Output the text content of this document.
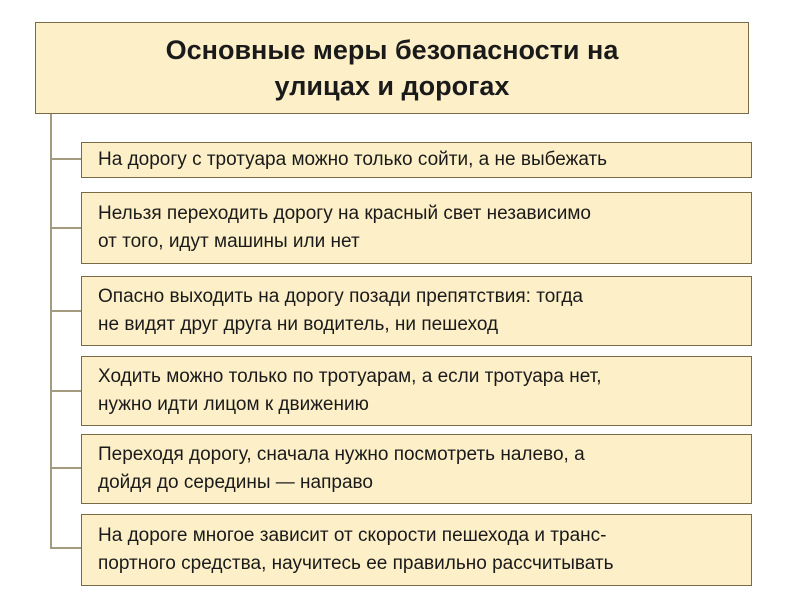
Основные меры безопасности на
улицах и дорогах
На дорогу с тротуара можно только сойти, а не выбежать
Нельзя переходить дорогу на красный свет независимо
от того, идут машины или нет
Опасно выходить на дорогу позади препятствия: тогда
не видят друг друга ни водитель, ни пешеход
Ходить можно только по тротуарам, а если тротуара нет,
нужно идти лицом к движению
Переходя дорогу, сначала нужно посмотреть налево, а
дойдя до середины — направо
На дороге многое зависит от скорости пешехода и транс-
портного средства, научитесь ее правильно рассчитывать
